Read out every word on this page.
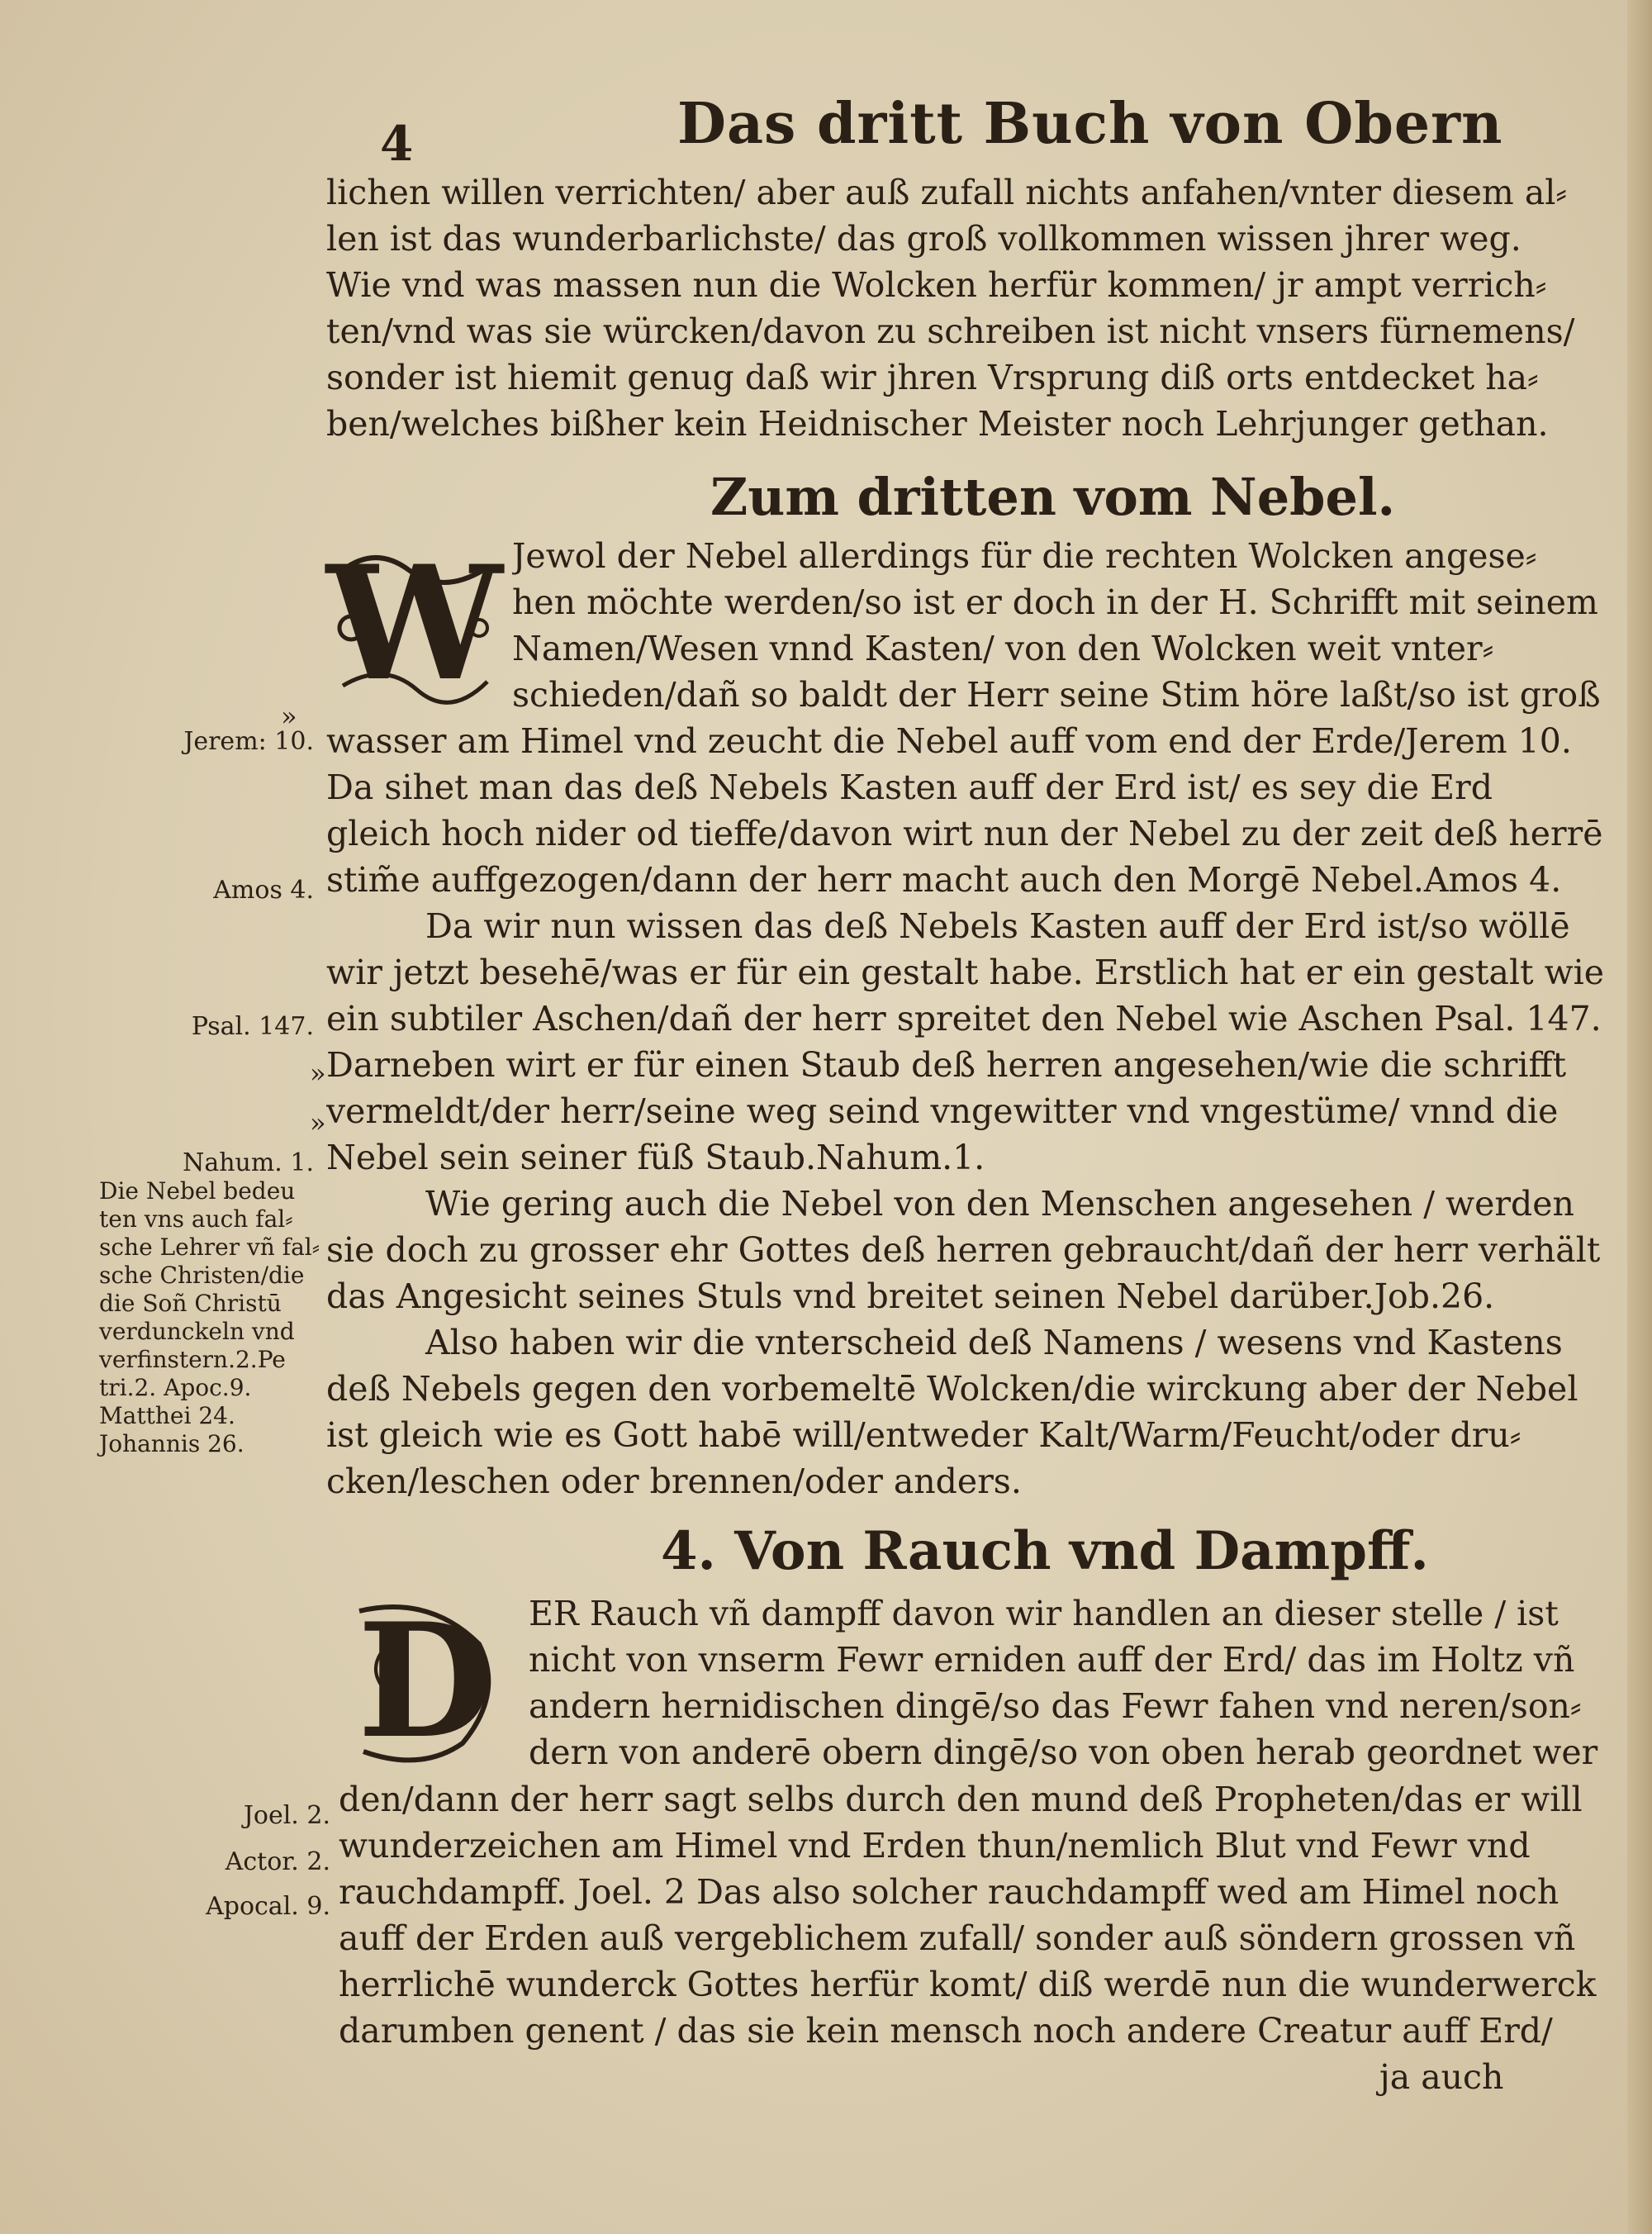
4	Das dritt Buch von Obern
lichen willen verrichten/ aber auß zufall nichts anfahen/vnter diesem al⸗
len ist das wunderbarlichste/ das groß vollkommen wissen jhrer weg.
Wie vnd was massen nun die Wolcken herfür kommen/ jr ampt verrich⸗
ten/vnd was sie würcken/davon zu schreiben ist nicht vnsers fürnemens/
sonder ist hiemit genug daß wir jhren Vrsprung diß orts entdecket ha⸗
ben/welches bißher kein Heidnischer Meister noch Lehrjunger gethan.
Zum dritten vom Nebel.
W Jewol der Nebel allerdings für die rechten Wolcken angese⸗
hen möchte werden/so ist er doch in der H. Schrifft mit seinem
Namen/Wesen vnnd Kasten/ von den Wolcken weit vnter⸗
schieden/dañ so baldt der Herr seine Stim höre laßt/so ist groß
wasser am Himel vnd zeucht die Nebel auff vom end der Erde/Jerem 10.
Da sihet man das deß Nebels Kasten auff der Erd ist/ es sey die Erd
gleich hoch nider od tieffe/davon wirt nun der Nebel zu der zeit deß herrē
stim̃e auffgezogen/dann der herr macht auch den Morgē Nebel.Amos 4.
Da wir nun wissen das deß Nebels Kasten auff der Erd ist/so wöllē
wir jetzt besehē/was er für ein gestalt habe. Erstlich hat er ein gestalt wie
ein subtiler Aschen/dañ der herr spreitet den Nebel wie Aschen Psal. 147.
Darneben wirt er für einen Staub deß herren angesehen/wie die schrifft
vermeldt/der herr/seine weg seind vngewitter vnd vngestüme/ vnnd die
Nebel sein seiner füß Staub.Nahum.1.
Wie gering auch die Nebel von den Menschen angesehen / werden
sie doch zu grosser ehr Gottes deß herren gebraucht/dañ der herr verhält
das Angesicht seines Stuls vnd breitet seinen Nebel darüber.Job.26.
Also haben wir die vnterscheid deß Namens / wesens vnd Kastens
deß Nebels gegen den vorbemeltē Wolcken/die wirckung aber der Nebel
ist gleich wie es Gott habē will/entweder Kalt/Warm/Feucht/oder dru⸗
cken/leschen oder brennen/oder anders.
4. Von Rauch vnd Dampff.
D	ER Rauch vñ dampff davon wir handlen an dieser stelle / ist
nicht von vnserm Fewr erniden auff der Erd/ das im Holtz vñ
andern hernidischen dingē/so das Fewr fahen vnd neren/son⸗
dern von anderē obern dingē/so von oben herab geordnet wer
den/dann der herr sagt selbs durch den mund deß Propheten/das er will
wunderzeichen am Himel vnd Erden thun/nemlich Blut vnd Fewr vnd
rauchdampff. Joel. 2 Das also solcher rauchdampff wed am Himel noch
auff der Erden auß vergeblichem zufall/ sonder auß söndern grossen vñ
herrlichē wunderck Gottes herfür komt/ diß werdē nun die wunderwerck
darumben genent / das sie kein mensch noch andere Creatur auff Erd/
ja auch
»
Jerem: 10.
Amos 4.
Psal. 147.
»
»
Nahum. 1.
Die Nebel bedeu
ten vns auch fal⸗
sche Lehrer vñ fal⸗
sche Christen/die
die Soñ Christū
verdunckeln vnd
verfinstern.2.Pe
tri.2. Apoc.9.
Matthei 24.
Johannis 26.
Joel. 2.
Actor. 2.
Apocal. 9.
